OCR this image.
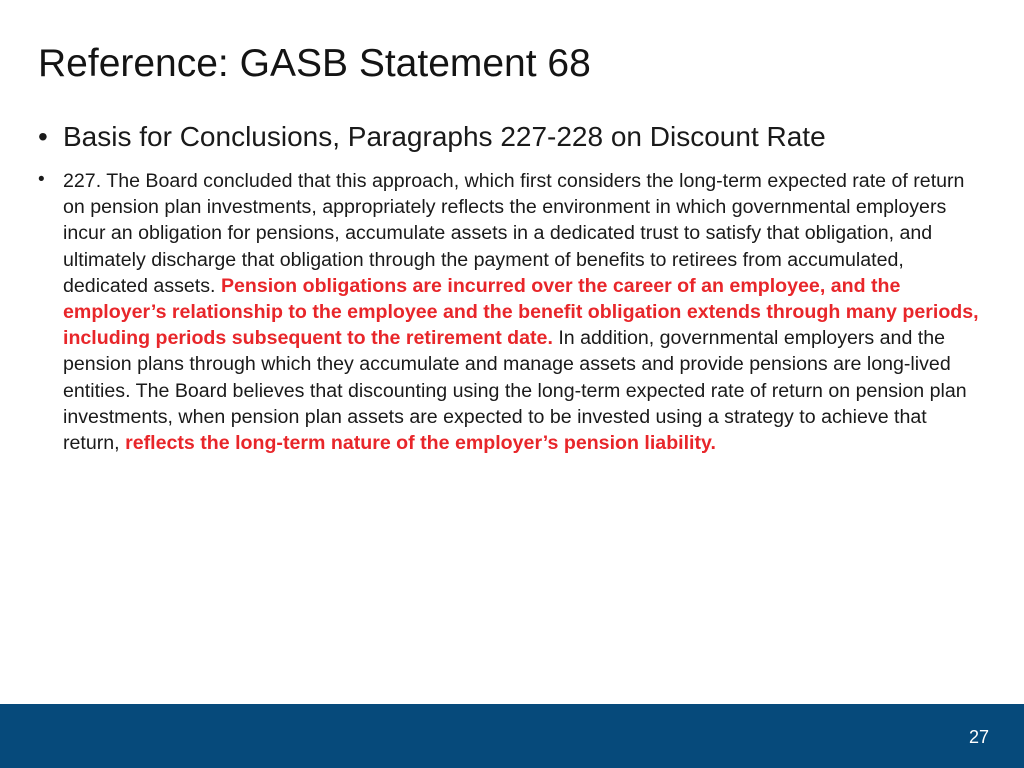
Reference: GASB Statement 68
• Basis for Conclusions, Paragraphs 227-228 on Discount Rate
• 227. The Board concluded that this approach, which first considers the long-term expected rate of return on pension plan investments, appropriately reflects the environment in which governmental employers incur an obligation for pensions, accumulate assets in a dedicated trust to satisfy that obligation, and ultimately discharge that obligation through the payment of benefits to retirees from accumulated, dedicated assets. Pension obligations are incurred over the career of an employee, and the employer’s relationship to the employee and the benefit obligation extends through many periods, including periods subsequent to the retirement date. In addition, governmental employers and the pension plans through which they accumulate and manage assets and provide pensions are long-lived entities. The Board believes that discounting using the long-term expected rate of return on pension plan investments, when pension plan assets are expected to be invested using a strategy to achieve that return, reflects the long-term nature of the employer’s pension liability.
27
